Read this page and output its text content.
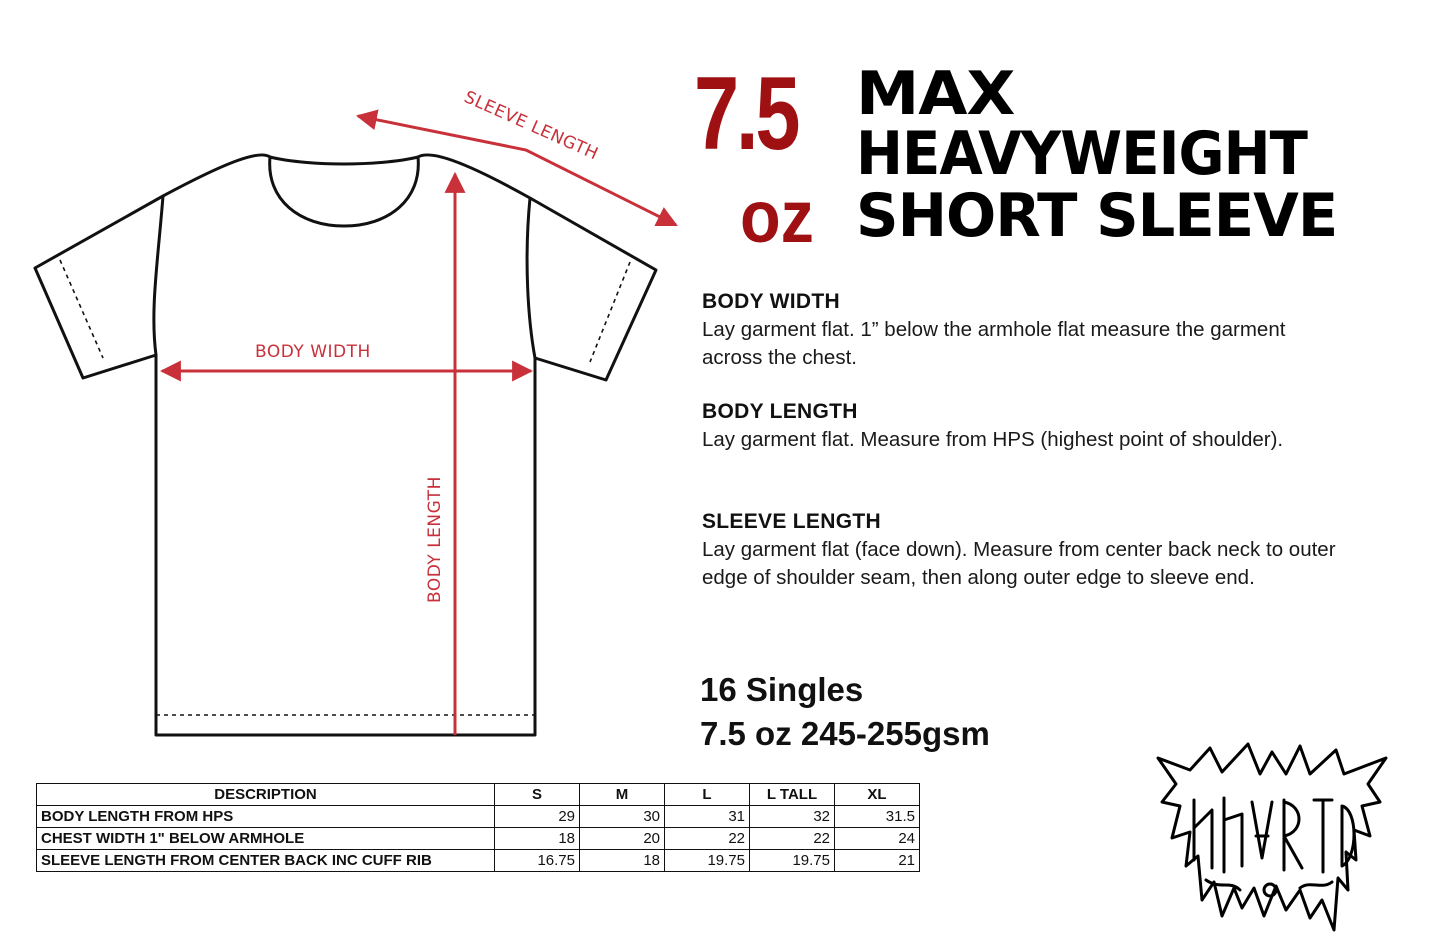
SLEEVE LENGTH
BODY WIDTH
BODY LENGTH
7.5
oz
MAX
HEAVYWEIGHT
SHORT SLEEVE
BODY WIDTH

Lay garment flat. 1” below the armhole flat measure the garment across the chest.

BODY LENGTH

Lay garment flat. Measure from HPS (highest point of shoulder).

SLEEVE LENGTH

Lay garment flat (face down). Measure from center back neck to outer edge of shoulder seam, then along outer edge to sleeve end.

16 Singles
7.5 oz 245-255gsm
DESCRIPTION	S	M	L	L TALL	XL
BODY LENGTH FROM HPS	29	30	31	32	31.5
CHEST WIDTH 1" BELOW ARMHOLE	18	20	22	22	24
SLEEVE LENGTH FROM CENTER BACK INC CUFF RIB	16.75	18	19.75	19.75	21
